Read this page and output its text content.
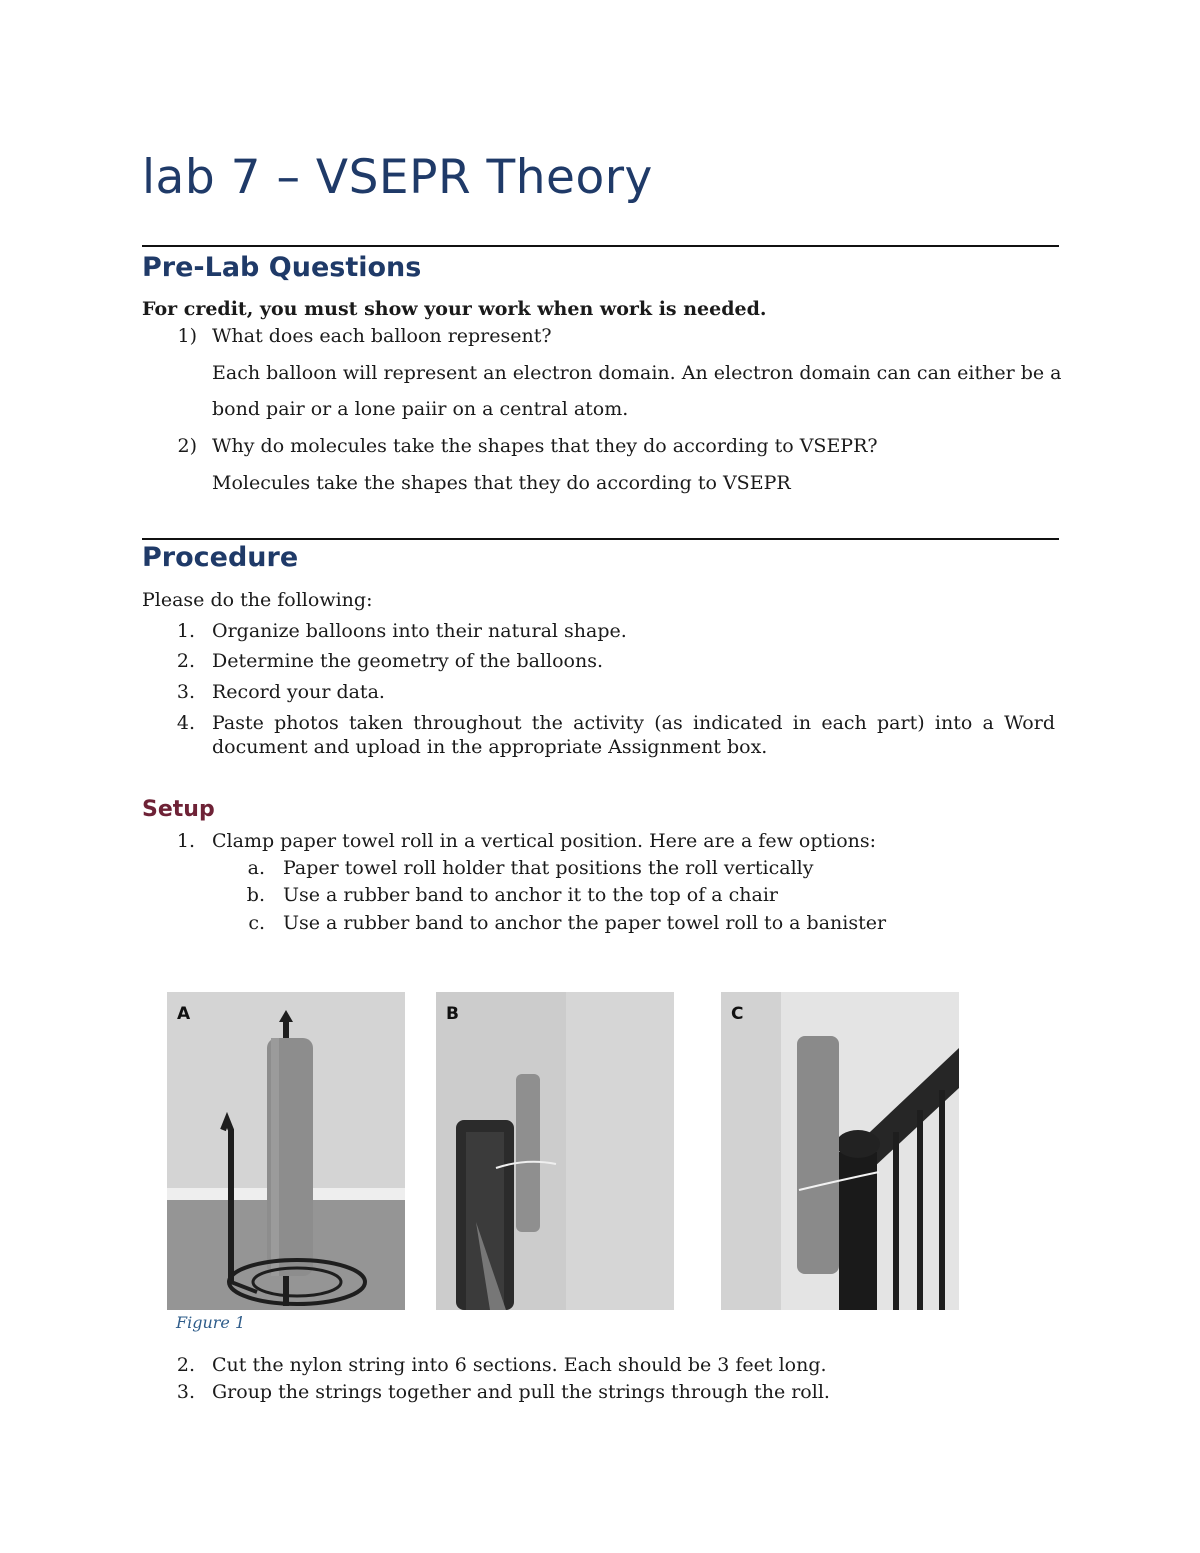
lab 7 – VSEPR Theory
Pre-Lab Questions
For credit, you must show your work when work is needed.
1) What does each balloon represent?
Each balloon will represent an electron domain. An electron domain can can either be a
bond pair or a lone paiir on a central atom.
2) Why do molecules take the shapes that they do according to VSEPR?
Molecules take the shapes that they do according to VSEPR
Procedure
Please do the following:
1. Organize balloons into their natural shape.
2. Determine the geometry of the balloons.
3. Record your data.
4. Paste photos taken throughout the activity (as indicated in each part) into a Word document and upload in the appropriate Assignment box.
Setup
1. Clamp paper towel roll in a vertical position. Here are a few options:
a. Paper towel roll holder that positions the roll vertically
b. Use a rubber band to anchor it to the top of a chair
c. Use a rubber band to anchor the paper towel roll to a banister
A	B	C
Figure 1
2. Cut the nylon string into 6 sections. Each should be 3 feet long.
3. Group the strings together and pull the strings through the roll.
